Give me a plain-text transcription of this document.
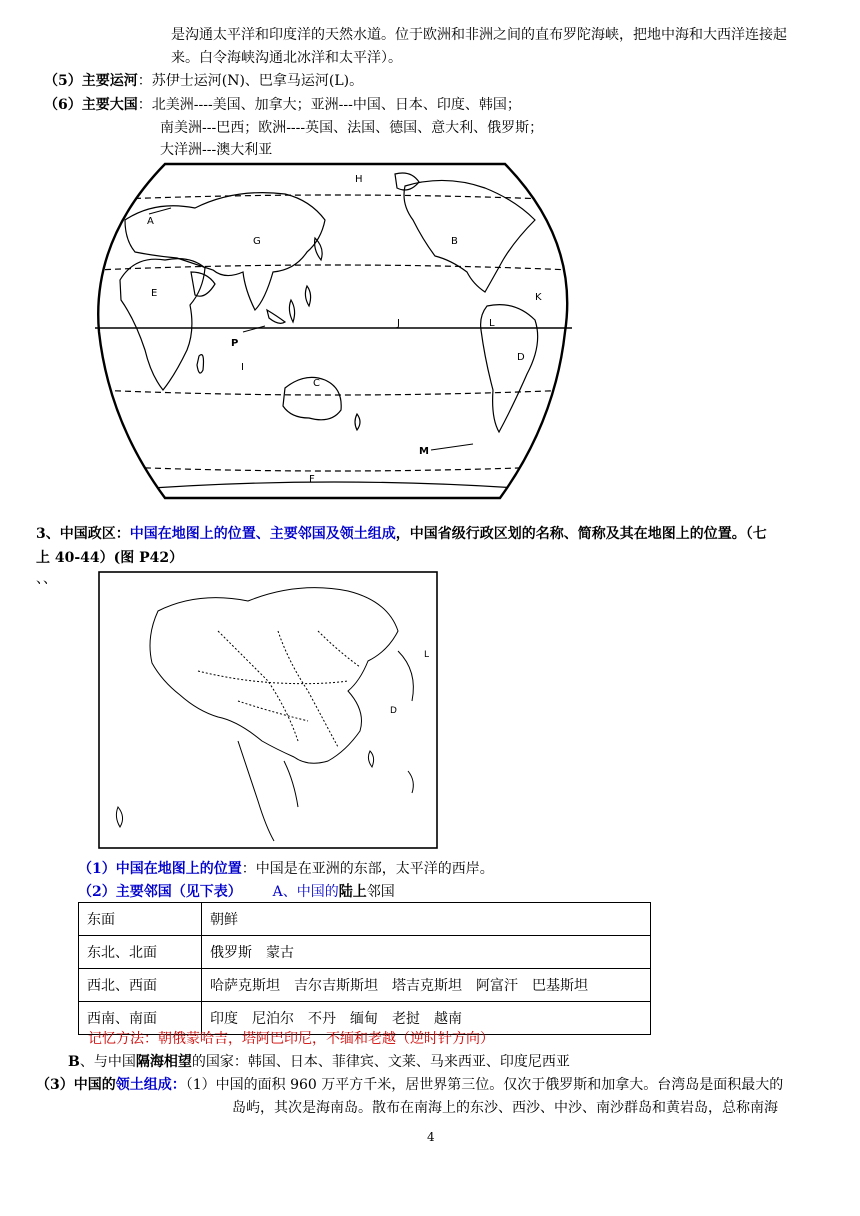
是沟通太平洋和印度洋的天然水道。位于欧洲和非洲之间的直布罗陀海峡，把地中海和大西洋连接起
来。白令海峡沟通北冰洋和太平洋）。
（5）主要运河：苏伊士运河(N)、巴拿马运河(L)。
（6）主要大国：北美洲----美国、加拿大；亚洲---中国、日本、印度、韩国；
南美洲---巴西；欧洲----英国、法国、德国、意大利、俄罗斯；
大洋洲---澳大利亚
A
B
C
D
E
F
G
H
I
J
K
L
M
P
3、中国政区：中国在地图上的位置、主要邻国及领土组成，中国省级行政区划的名称、简称及其在地图上的位置。（七
上 40-44）(图 P42）
、、
L
D
（1）中国在地图上的位置：中国是在亚洲的东部，太平洋的西岸。
（2）主要邻国（见下表） A、中国的陆上邻国
东面	朝鲜
东北、北面	俄罗斯 蒙古
西北、西面	哈萨克斯坦 吉尔吉斯斯坦 塔吉克斯坦 阿富汗 巴基斯坦
西南、南面	印度 尼泊尔 不丹 缅甸 老挝 越南
记忆方法：朝俄蒙哈吉，塔阿巴印尼，不缅和老越（逆时针方向）
B、与中国隔海相望的国家：韩国、日本、菲律宾、文莱、马来西亚、印度尼西亚
（3）中国的领土组成：（1）中国的面积 960 万平方千米，居世界第三位。仅次于俄罗斯和加拿大。台湾岛是面积最大的
岛屿，其次是海南岛。散布在南海上的东沙、西沙、中沙、南沙群岛和黄岩岛，总称南海
4
